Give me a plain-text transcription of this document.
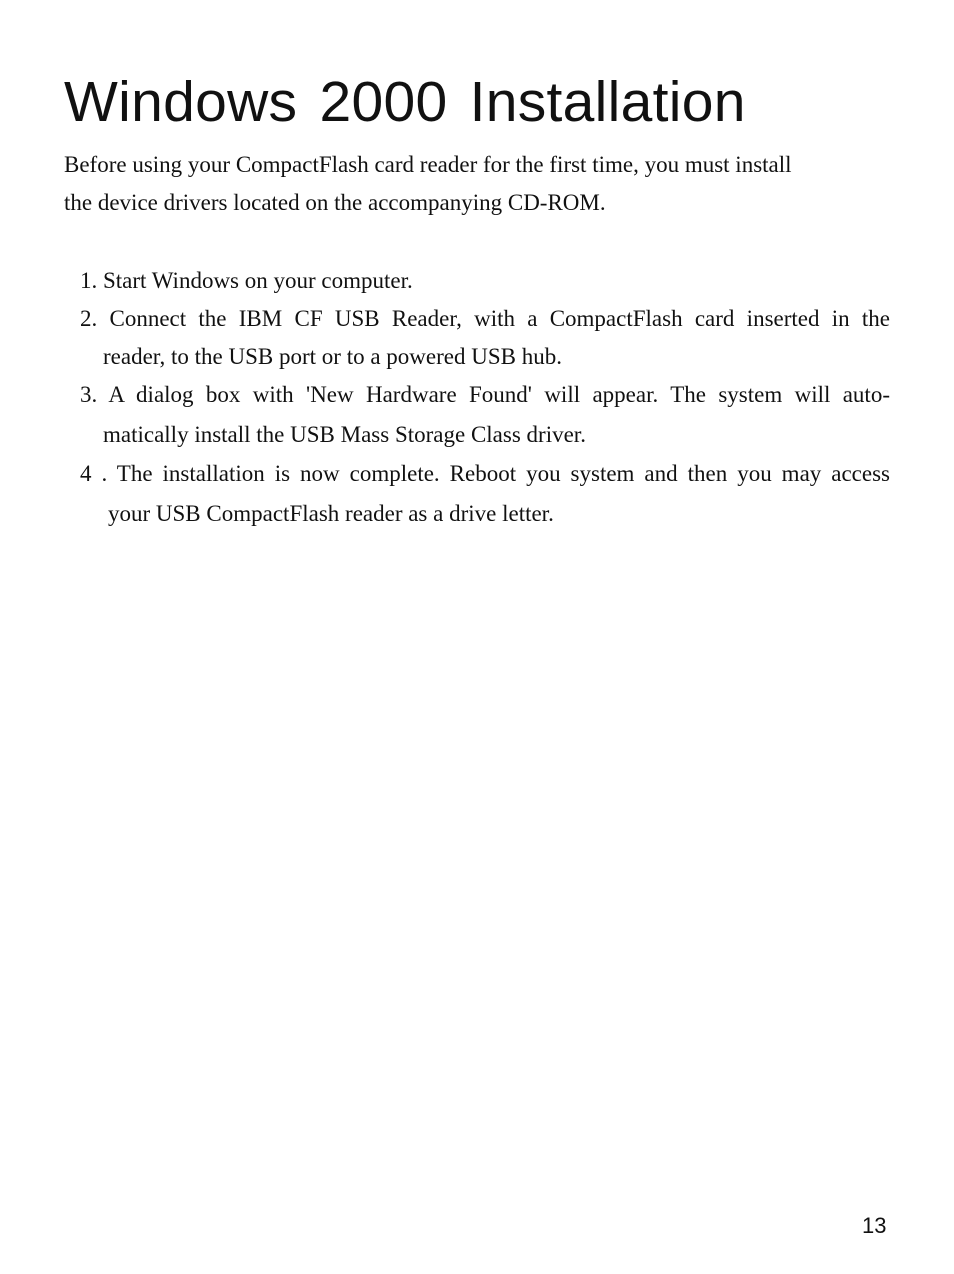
Windows 2000 Installation

Before using your CompactFlash card reader for the first time, you must install
the device drivers located on the accompanying CD-ROM.

1. Start Windows on your computer.
2. Connect the IBM CF USB Reader, with a CompactFlash card inserted in the
reader, to the USB port or to a powered USB hub.
3. A dialog box with 'New Hardware Found' will appear. The system will auto-
matically install the USB Mass Storage Class driver.
4 . The installation is now complete. Reboot you system and then you may access
your USB CompactFlash reader as a drive letter.
13
